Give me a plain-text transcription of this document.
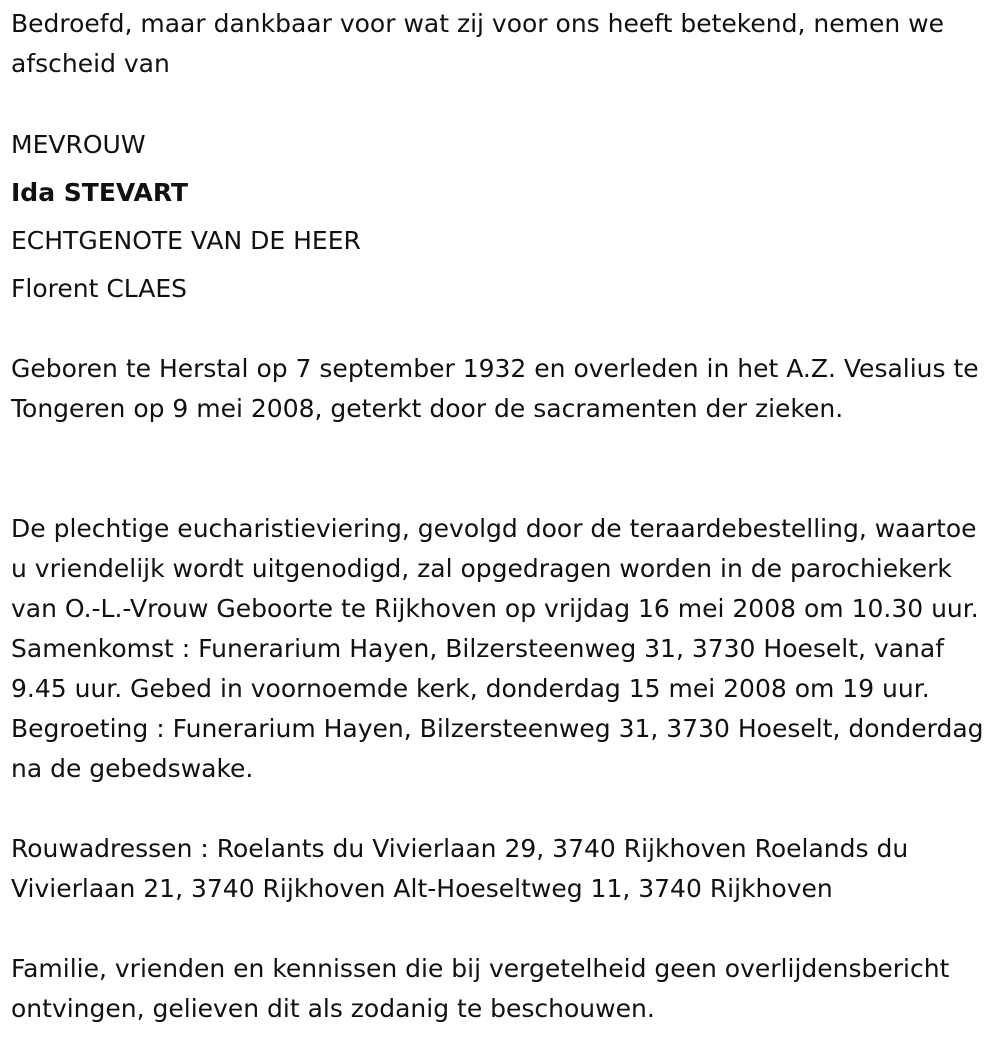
Bedroefd, maar dankbaar voor wat zij voor ons heeft betekend, nemen we afscheid van
MEVROUW
Ida STEVART
ECHTGENOTE VAN DE HEER
Florent CLAES
Geboren te Herstal op 7 september 1932 en overleden in het A.Z. Vesalius te Tongeren op 9 mei 2008, geterkt door de sacramenten der zieken.
De plechtige eucharistieviering, gevolgd door de teraardebestelling, waartoe u vriendelijk wordt uitgenodigd, zal opgedragen worden in de parochiekerk van O.-L.-Vrouw Geboorte te Rijkhoven op vrijdag 16 mei 2008 om 10.30 uur. Samenkomst : Funerarium Hayen, Bilzersteenweg 31, 3730 Hoeselt, vanaf 9.45 uur. Gebed in voornoemde kerk, donderdag 15 mei 2008 om 19 uur. Begroeting : Funerarium Hayen, Bilzersteenweg 31, 3730 Hoeselt, donderdag na de gebedswake.
Rouwadressen : Roelants du Vivierlaan 29, 3740 Rijkhoven Roelands du Vivierlaan 21, 3740 Rijkhoven Alt-Hoeseltweg 11, 3740 Rijkhoven
Familie, vrienden en kennissen die bij vergetelheid geen overlijdensbericht ontvingen, gelieven dit als zodanig te beschouwen.
